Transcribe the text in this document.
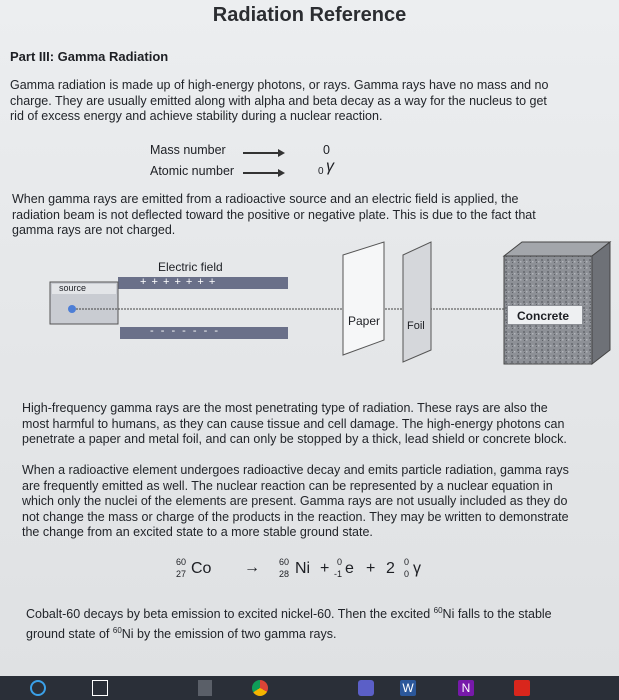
Radiation Reference
Part III: Gamma Radiation
Gamma radiation is made up of high-energy photons, or rays. Gamma rays have no mass and no
charge. They are usually emitted along with alpha and beta decay as a way for the nucleus to get
rid of excess energy and achieve stability during a nuclear reaction.
Mass number	0
Atomic number	0 γ
When gamma rays are emitted from a radioactive source and an electric field is applied, the
radiation beam is not deflected toward the positive or negative plate. This is due to the fact that
gamma rays are not charged.
Electric field
+ + + + + + +
- - - - - - -
source
Paper Foil
Concrete
High-frequency gamma rays are the most penetrating type of radiation. These rays are also the
most harmful to humans, as they can cause tissue and cell damage. The high-energy photons can
penetrate a paper and metal foil, and can only be stopped by a thick, lead shield or concrete block.
When a radioactive element undergoes radioactive decay and emits particle radiation, gamma rays
are frequently emitted as well. The nuclear reaction can be represented by a nuclear equation in
which only the nuclei of the elements are present. Gamma rays are not usually included as they do
not change the mass or charge of the products in the reaction. They may be written to demonstrate
the change from an excited state to a more stable ground state.
60
27 Co → 60
28 Ni + 0
-1 e + 2 0
0 γ
Cobalt-60 decays by beta emission to excited nickel-60. Then the excited $^{60}$Ni falls to the stable
ground state of $^{60}$Ni by the emission of two gamma rays.
W	N
